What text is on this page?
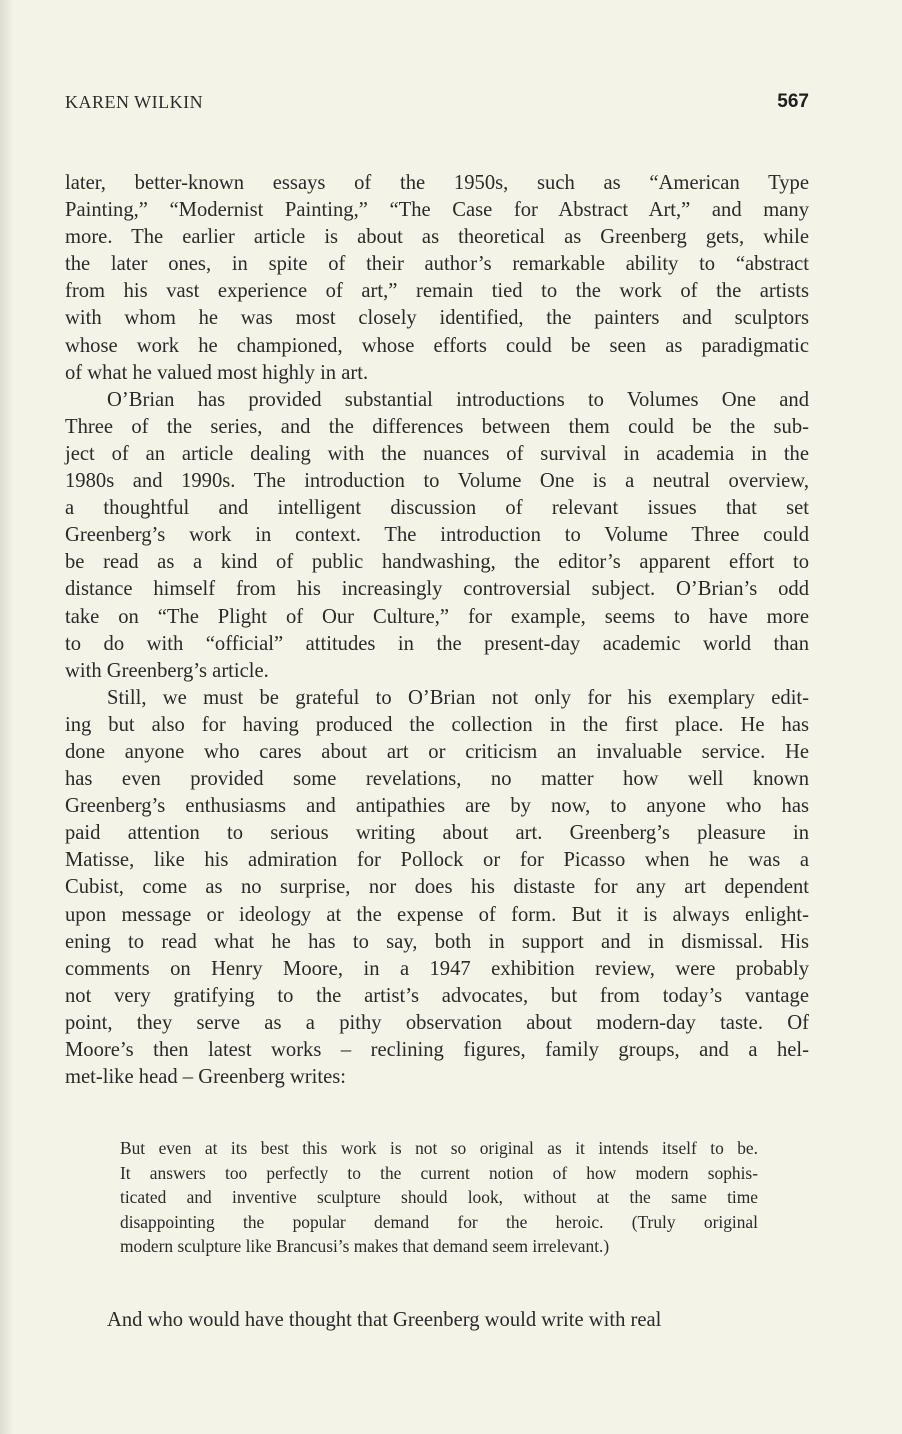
KAREN WILKIN	567
later, better-known essays of the 1950s, such as “American Type
Painting,” “Modernist Painting,” “The Case for Abstract Art,” and many
more. The earlier article is about as theoretical as Greenberg gets, while
the later ones, in spite of their author’s remarkable ability to “abstract
from his vast experience of art,” remain tied to the work of the artists
with whom he was most closely identified, the painters and sculptors
whose work he championed, whose efforts could be seen as paradigmatic
of what he valued most highly in art.
O’Brian has provided substantial introductions to Volumes One and
Three of the series, and the differences between them could be the sub-
ject of an article dealing with the nuances of survival in academia in the
1980s and 1990s. The introduction to Volume One is a neutral overview,
a thoughtful and intelligent discussion of relevant issues that set
Greenberg’s work in context. The introduction to Volume Three could
be read as a kind of public handwashing, the editor’s apparent effort to
distance himself from his increasingly controversial subject. O’Brian’s odd
take on “The Plight of Our Culture,” for example, seems to have more
to do with “official” attitudes in the present-day academic world than
with Greenberg’s article.
Still, we must be grateful to O’Brian not only for his exemplary edit-
ing but also for having produced the collection in the first place. He has
done anyone who cares about art or criticism an invaluable service. He
has even provided some revelations, no matter how well known
Greenberg’s enthusiasms and antipathies are by now, to anyone who has
paid attention to serious writing about art. Greenberg’s pleasure in
Matisse, like his admiration for Pollock or for Picasso when he was a
Cubist, come as no surprise, nor does his distaste for any art dependent
upon message or ideology at the expense of form. But it is always enlight-
ening to read what he has to say, both in support and in dismissal. His
comments on Henry Moore, in a 1947 exhibition review, were probably
not very gratifying to the artist’s advocates, but from today’s vantage
point, they serve as a pithy observation about modern-day taste. Of
Moore’s then latest works – reclining figures, family groups, and a hel-
met-like head – Greenberg writes:
But even at its best this work is not so original as it intends itself to be.
It answers too perfectly to the current notion of how modern sophis-
ticated and inventive sculpture should look, without at the same time
disappointing the popular demand for the heroic. (Truly original
modern sculpture like Brancusi’s makes that demand seem irrelevant.)
And who would have thought that Greenberg would write with real
